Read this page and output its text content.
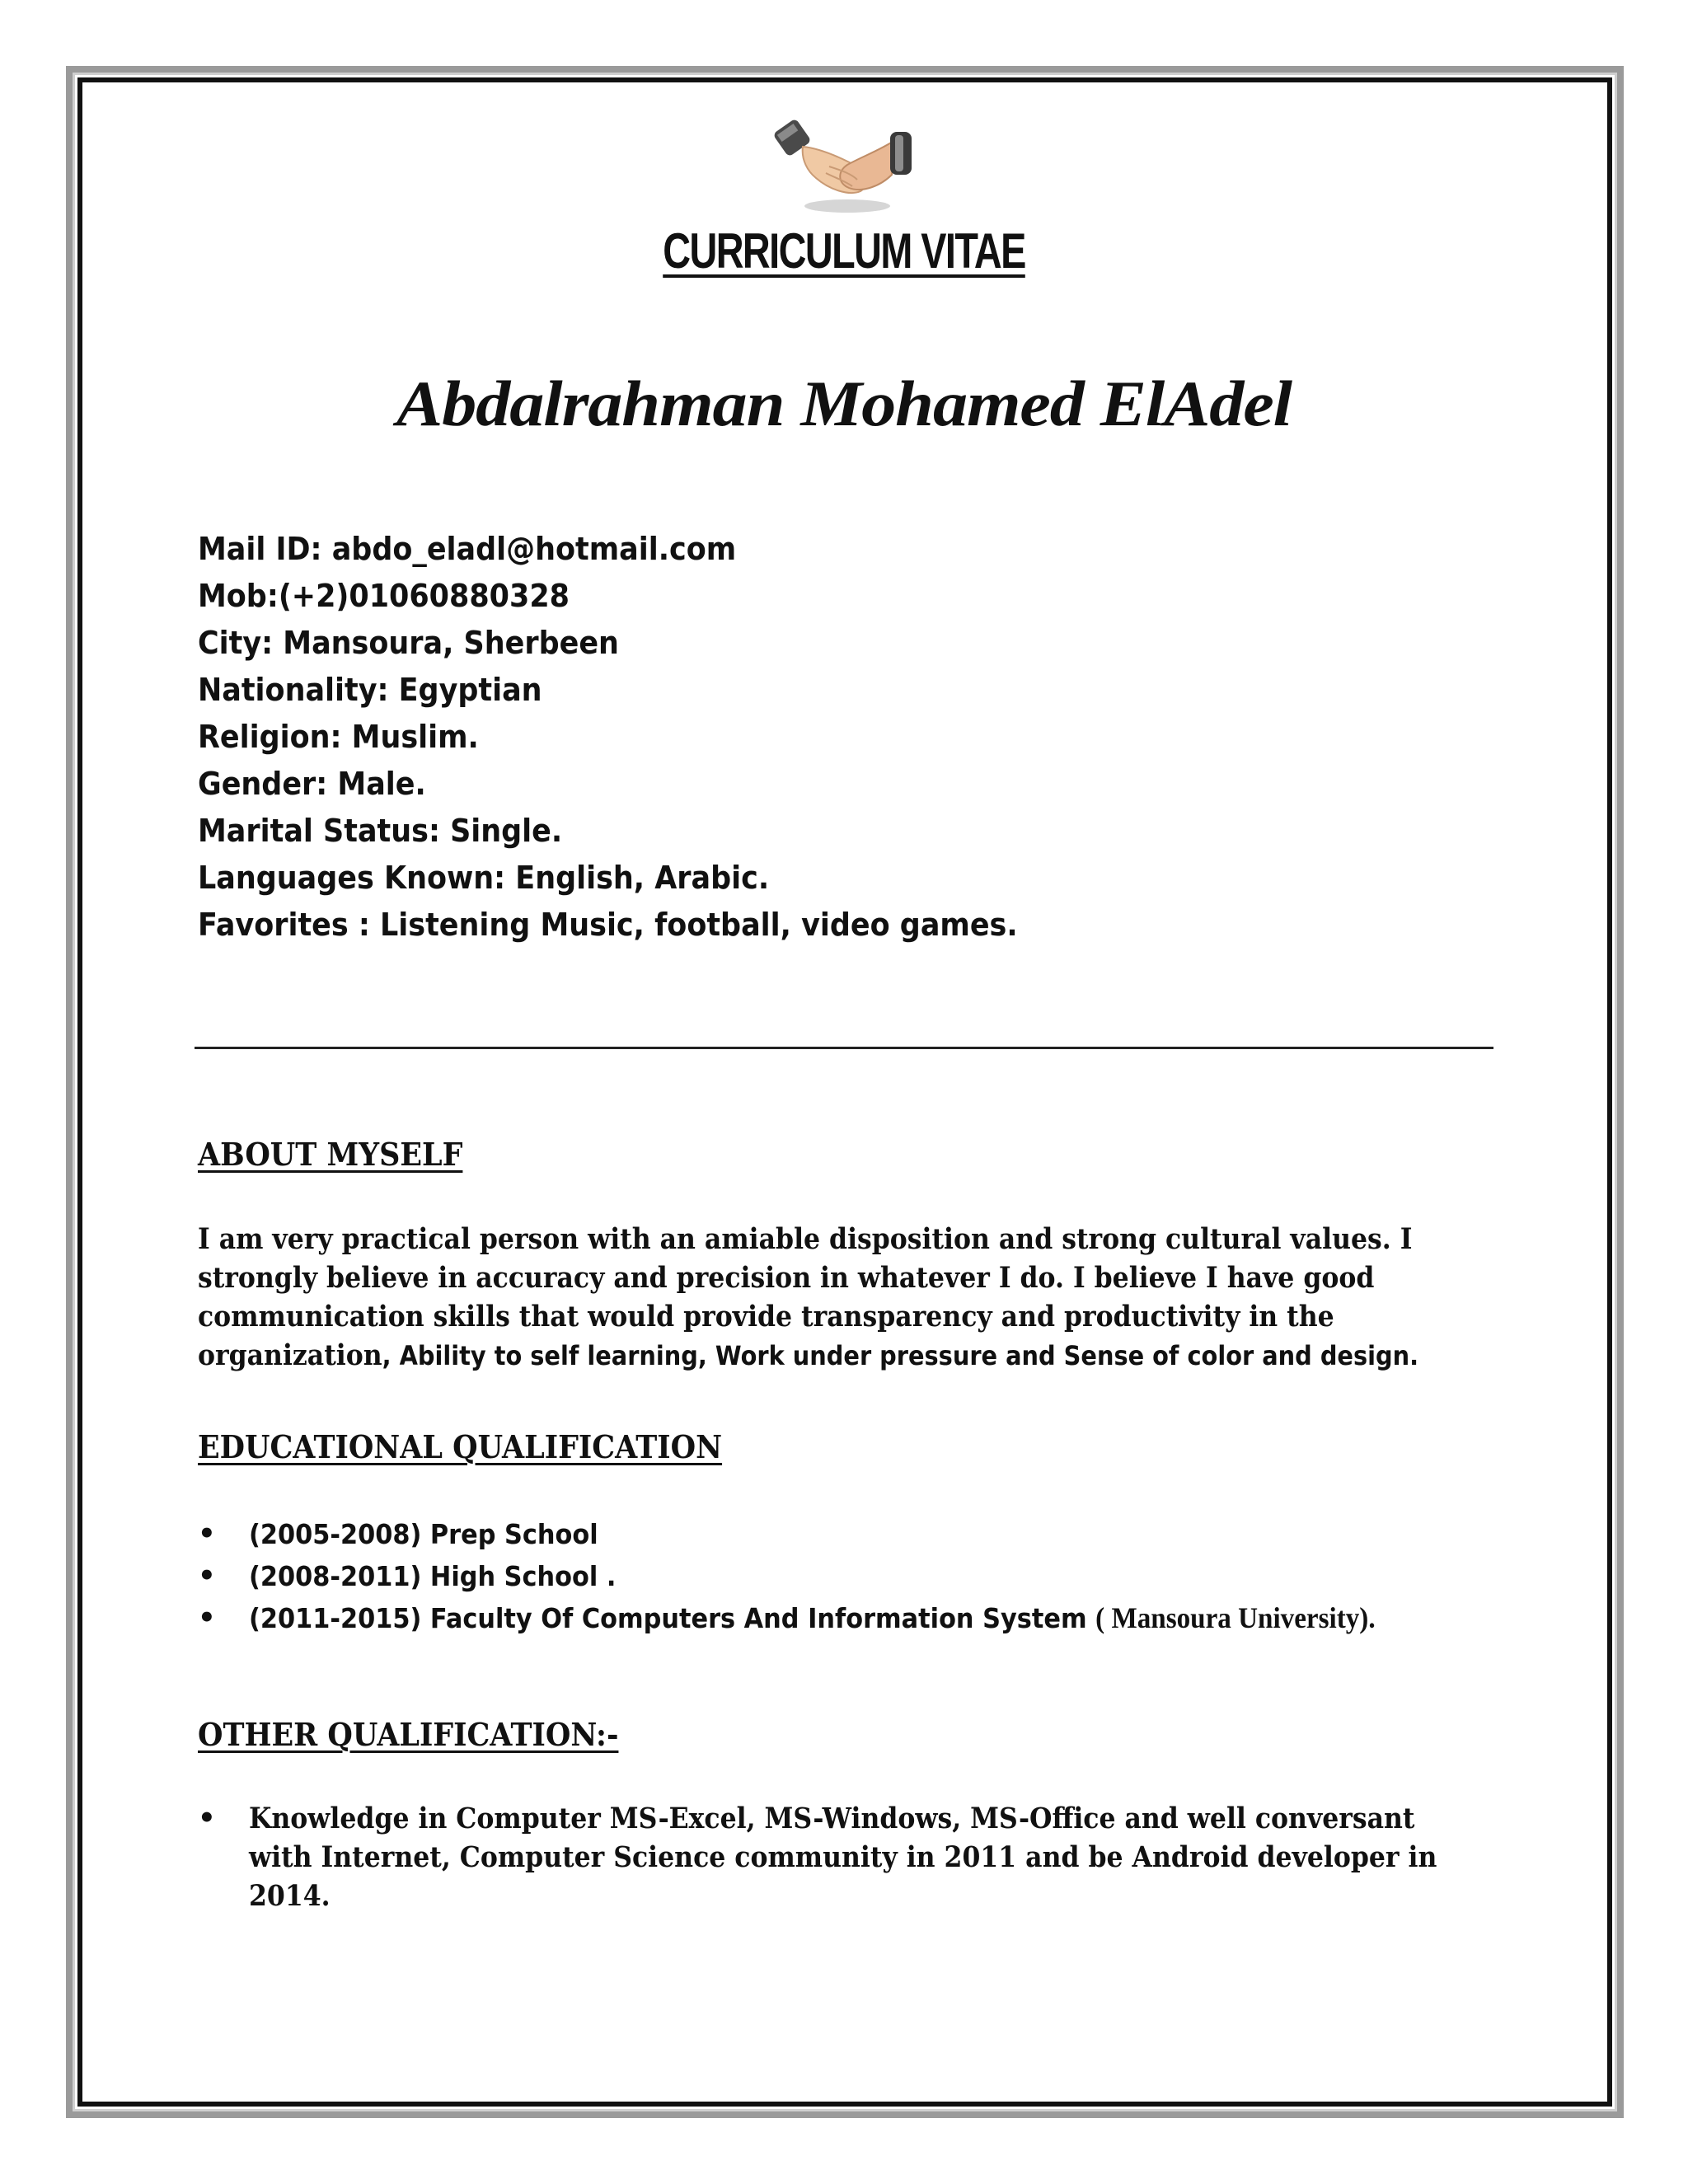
CURRICULUM VITAE
Abdalrahman Mohamed ElAdel
Mail ID: abdo_eladl@hotmail.com
Mob:(+2)01060880328
City: Mansoura, Sherbeen
Nationality: Egyptian
Religion: Muslim.
Gender: Male.
Marital Status: Single.
Languages Known: English, Arabic.
Favorites : Listening Music, football, video games.
ABOUT MYSELF
I am very practical person with an amiable disposition and strong cultural values. I
strongly believe in accuracy and precision in whatever I do. I believe I have good
communication skills that would provide transparency and productivity in the
organization, Ability to self learning, Work under pressure and Sense of color and design.
EDUCATIONAL QUALIFICATION
• (2005-2008) Prep School
• (2008-2011) High School .
• (2011-2015) Faculty Of Computers And Information System ( Mansoura University).
OTHER QUALIFICATION:-
• Knowledge in Computer MS-Excel, MS-Windows, MS-Office and well conversant
with Internet, Computer Science community in 2011 and be Android developer in
2014.
